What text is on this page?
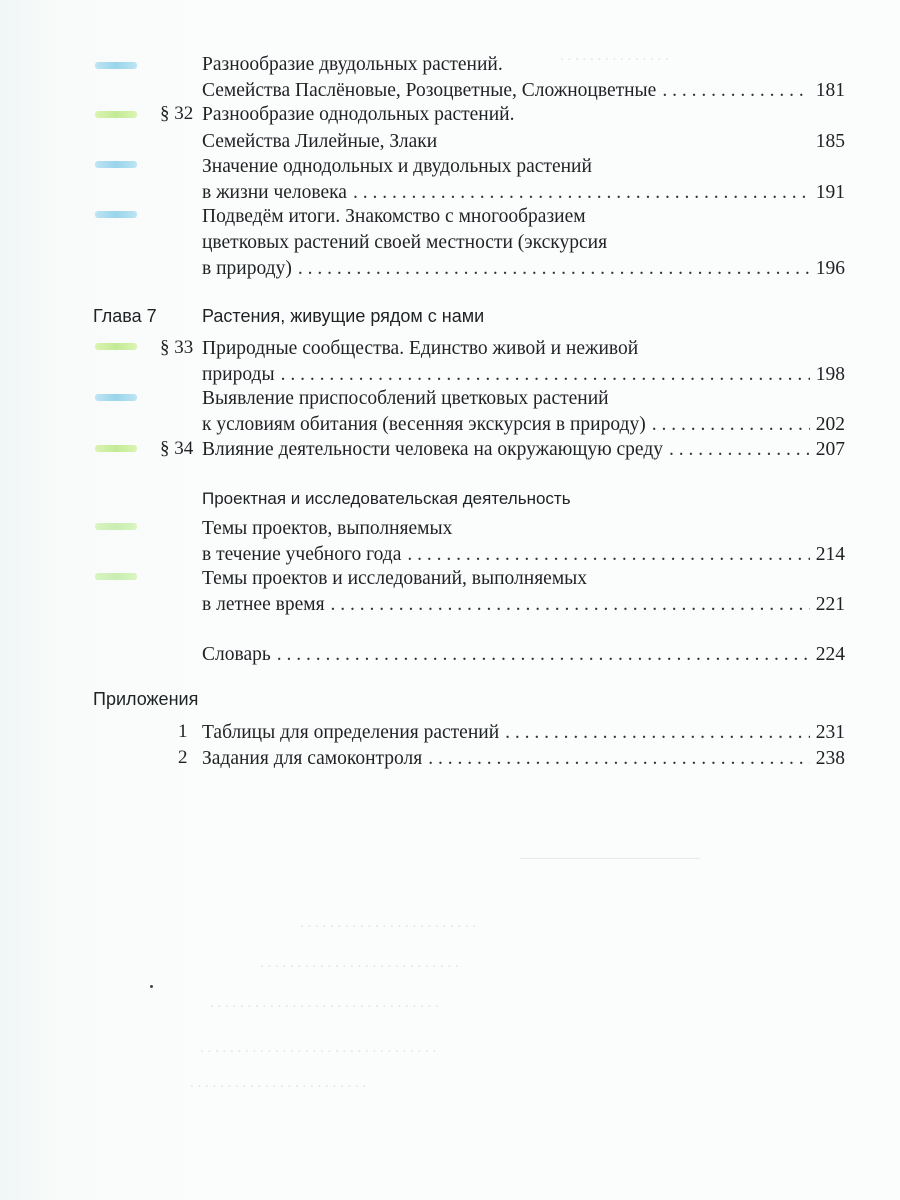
. . . . . . . . . . . . . . .
————————————
. . . . . . . . . . . . . . . . . . . . . . . .
. . . . . . . . . . . . . . . . . . . . . . . . . . .
. . . . . . . . . . . . . . . . . . . . . . . . . . . . . . .
. . . . . . . . . . . . . . . . . . . . . . . . . . . . . . . .
. . . . . . . . . . . . . . . . . . . . . . . .
Разнообразие двудольных растений.
Семейства Паслёновые, Розоцветные, Сложноцветные . . .	181
§ 32 Разнообразие однодольных растений.
Семейства Лилейные, Злаки	185
Значение однодольных и двудольных растений
в жизни человека . . .	191
Подведём итоги. Знакомство с многообразием
цветковых растений своей местности (экскурсия
в природу) . . .	196
Глава 7	Растения, живущие рядом с нами
§ 33 Природные сообщества. Единство живой и неживой
природы . . .	198
Выявление приспособлений цветковых растений
к условиям обитания (весенняя экскурсия в природу) . . .	202
§ 34 Влияние деятельности человека на окружающую среду . . .	207
Проектная и исследовательская деятельность
Темы проектов, выполняемых
в течение учебного года . . .	214
Темы проектов и исследований, выполняемых
в летнее время . . .	221
Словарь . . .	224
Приложения
1 Таблицы для определения растений . . .	231
2 Задания для самоконтроля . . .	238
